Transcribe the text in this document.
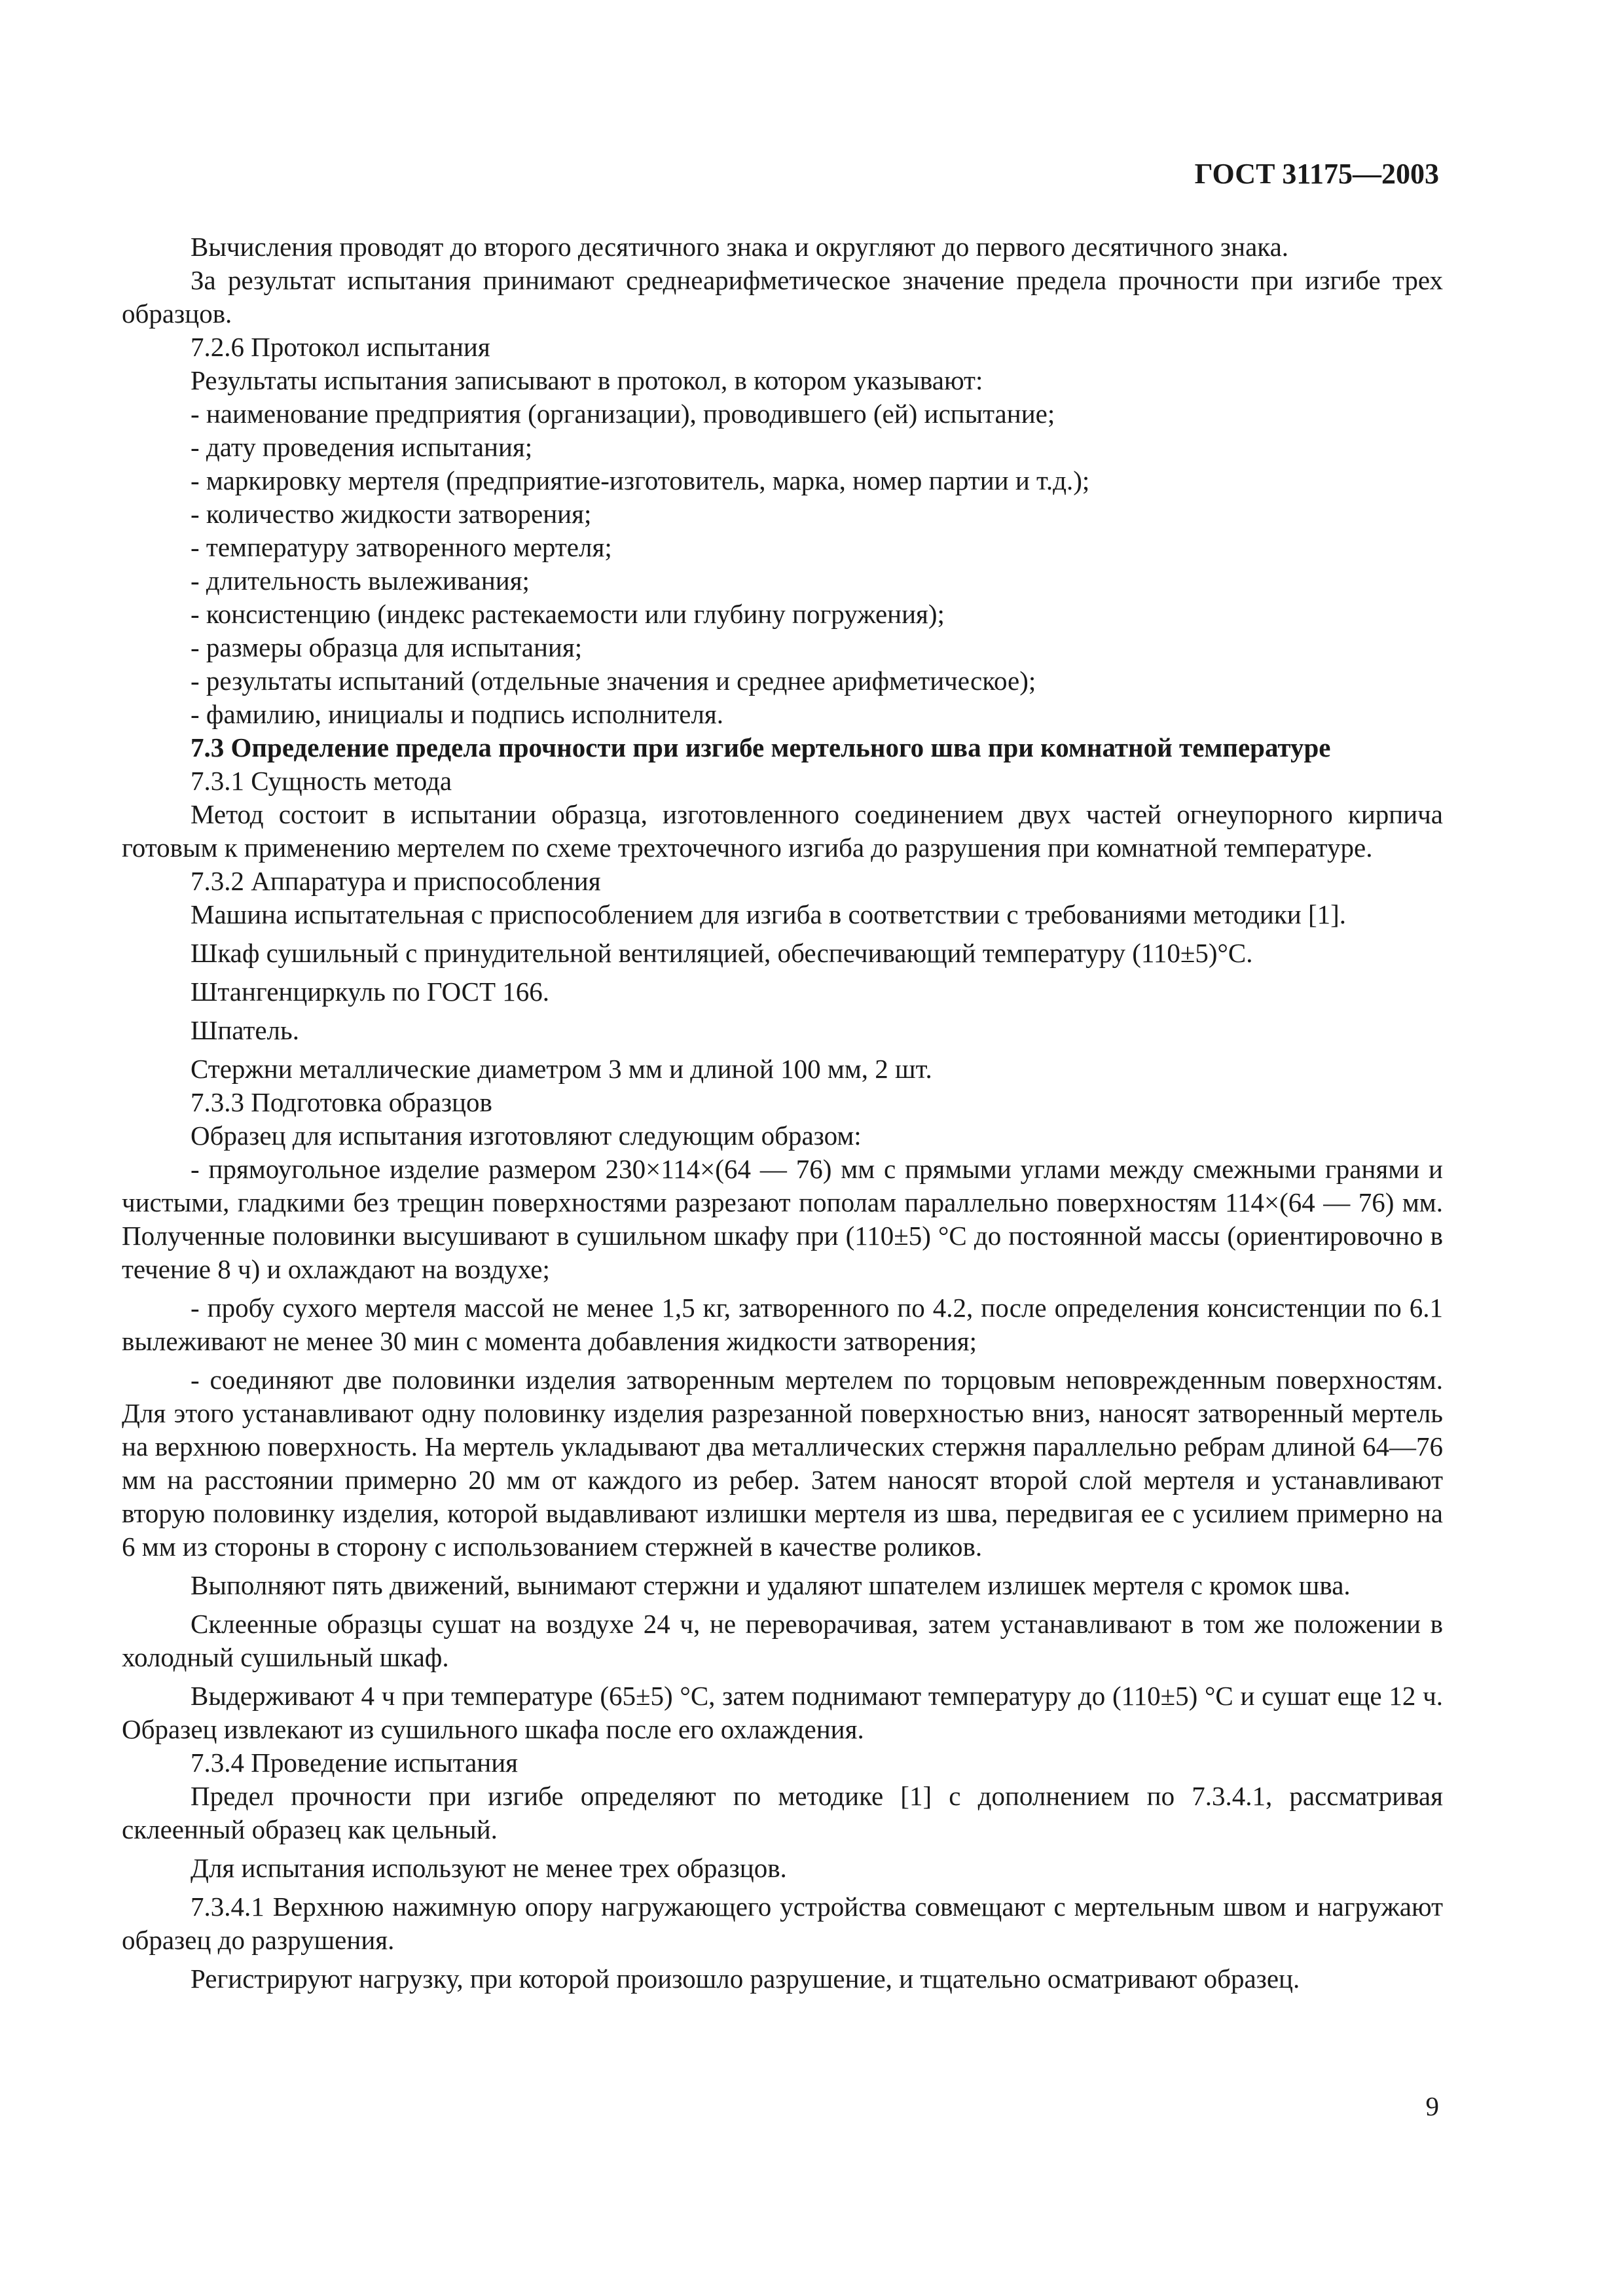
ГОСТ 31175—2003

Вычисления проводят до второго десятичного знака и округляют до первого десятичного знака.

За результат испытания принимают среднеарифметическое значение предела прочности при изгибе трех образцов.

7.2.6 Протокол испытания

Результаты испытания записывают в протокол, в котором указывают:

- наименование предприятия (организации), проводившего (ей) испытание;

- дату проведения испытания;

- маркировку мертеля (предприятие-изготовитель, марка, номер партии и т.д.);

- количество жидкости затворения;

- температуру затворенного мертеля;

- длительность вылеживания;

- консистенцию (индекс растекаемости или глубину погружения);

- размеры образца для испытания;

- результаты испытаний (отдельные значения и среднее арифметическое);

- фамилию, инициалы и подпись исполнителя.

7.3 Определение предела прочности при изгибе мертельного шва при комнатной температуре

7.3.1 Сущность метода

Метод состоит в испытании образца, изготовленного соединением двух частей огнеупорного кирпича готовым к применению мертелем по схеме трехточечного изгиба до разрушения при комнатной температуре.

7.3.2 Аппаратура и приспособления

Машина испытательная с приспособлением для изгиба в соответствии с требованиями методики [1].

Шкаф сушильный с принудительной вентиляцией, обеспечивающий температуру (110±5)°С.

Штангенциркуль по ГОСТ 166.

Шпатель.

Стержни металлические диаметром 3 мм и длиной 100 мм, 2 шт.

7.3.3 Подготовка образцов

Образец для испытания изготовляют следующим образом:

- прямоугольное изделие размером 230×114×(64 — 76) мм с прямыми углами между смежными гранями и чистыми, гладкими без трещин поверхностями разрезают пополам параллельно поверхностям 114×(64 — 76) мм. Полученные половинки высушивают в сушильном шкафу при (110±5) °С до постоянной массы (ориентировочно в течение 8 ч) и охлаждают на воздухе;

- пробу сухого мертеля массой не менее 1,5 кг, затворенного по 4.2, после определения консистенции по 6.1 вылеживают не менее 30 мин с момента добавления жидкости затворения;

- соединяют две половинки изделия затворенным мертелем по торцовым неповрежденным поверхностям. Для этого устанавливают одну половинку изделия разрезанной поверхностью вниз, наносят затворенный мертель на верхнюю поверхность. На мертель укладывают два металлических стержня параллельно ребрам длиной 64—76 мм на расстоянии примерно 20 мм от каждого из ребер. Затем наносят второй слой мертеля и устанавливают вторую половинку изделия, которой выдавливают излишки мертеля из шва, передвигая ее с усилием примерно на 6 мм из стороны в сторону с использованием стержней в качестве роликов.

Выполняют пять движений, вынимают стержни и удаляют шпателем излишек мертеля с кромок шва.

Склеенные образцы сушат на воздухе 24 ч, не переворачивая, затем устанавливают в том же положении в холодный сушильный шкаф.

Выдерживают 4 ч при температуре (65±5) °С, затем поднимают температуру до (110±5) °С и сушат еще 12 ч. Образец извлекают из сушильного шкафа после его охлаждения.

7.3.4 Проведение испытания

Предел прочности при изгибе определяют по методике [1] с дополнением по 7.3.4.1, рассматривая склеенный образец как цельный.

Для испытания используют не менее трех образцов.

7.3.4.1 Верхнюю нажимную опору нагружающего устройства совмещают с мертельным швом и нагружают образец до разрушения.

Регистрируют нагрузку, при которой произошло разрушение, и тщательно осматривают образец.

9
